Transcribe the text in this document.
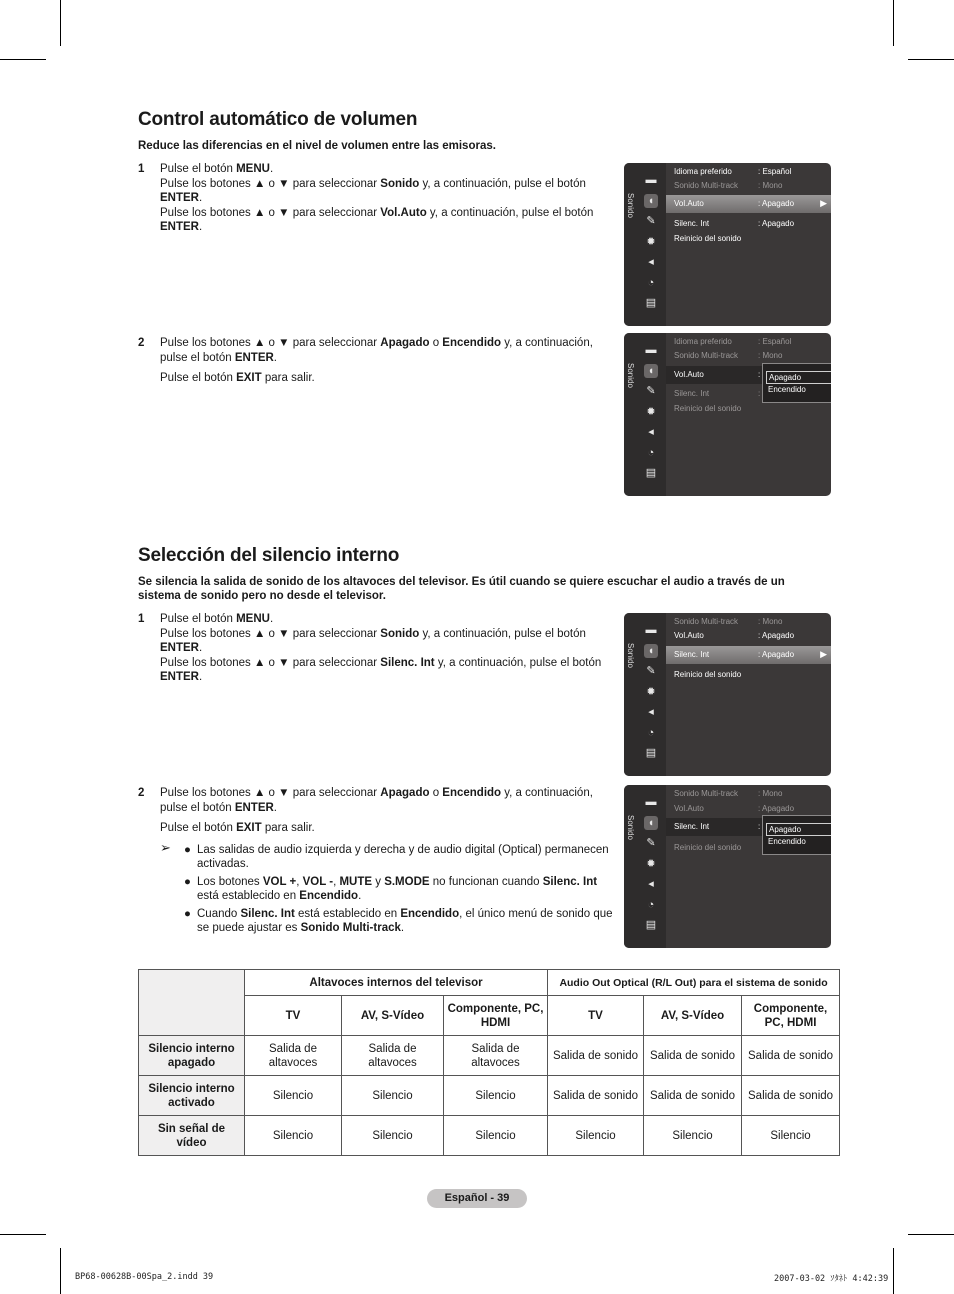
Control automático de volumen
Reduce las diferencias en el nivel de volumen entre las emisoras.
1 Pulse el botón MENU.

Pulse los botones ▲ o ▼ para seleccionar Sonido y, a continuación, pulse el botón ENTER.

Pulse los botones ▲ o ▼ para seleccionar Vol.Auto y, a continuación, pulse el botón ENTER.

2 Pulse los botones ▲ o ▼ para seleccionar Apagado o Encendido y, a continuación, pulse el botón ENTER.

Pulse el botón EXIT para salir.

Sonido
▬
◖
✎
✹
◂
◔
▤
Idioma preferido	: Español
Sonido Multi-track : Mono
Vol.Auto	: Apagado	▶
Silenc. Int	: Apagado
Reinicio del sonido
Sonido
▬
◖
✎
✹
◂
◔
▤
Idioma preferido	: Español
Sonido Multi-track : Mono
Vol.Auto	:
Silenc. Int	:
Reinicio del sonido
Apagado
Encendido
Selección del silencio interno
Se silencia la salida de sonido de los altavoces del televisor. Es útil cuando se quiere escuchar el audio a través de un sistema de sonido pero no desde el televisor.
1 Pulse el botón MENU.

Pulse los botones ▲ o ▼ para seleccionar Sonido y, a continuación, pulse el botón ENTER.

Pulse los botones ▲ o ▼ para seleccionar Silenc. Int y, a continuación, pulse el botón ENTER.

2 Pulse los botones ▲ o ▼ para seleccionar Apagado o Encendido y, a continuación, pulse el botón ENTER.

Pulse el botón EXIT para salir.

➢ ● Las salidas de audio izquierda y derecha y de audio digital (Optical) permanecen activadas.
● Los botones VOL +, VOL -, MUTE y S.MODE no funcionan cuando Silenc. Int está establecido en Encendido.
● Cuando Silenc. Int está establecido en Encendido, el único menú de sonido que se puede ajustar es Sonido Multi-track.
Sonido
▬
◖
✎
✹
◂
◔
▤
Sonido Multi-track : Mono
Vol.Auto	: Apagado
Silenc. Int	: Apagado	▶
Reinicio del sonido
Sonido
▬
◖
✎
✹
◂
◔
▤
Sonido Multi-track : Mono
Vol.Auto	: Apagado
Silenc. Int	:
Reinicio del sonido
Apagado
Encendido
	Altavoces internos del televisor			Audio Out Optical (R/L Out) para el sistema de sonido		
	TV	AV, S-Vídeo	Componente, PC, HDMI	TV	AV, S-Vídeo	Componente, PC, HDMI
Silencio interno apagado	Salida de altavoces	Salida de altavoces	Salida de altavoces	Salida de sonido	Salida de sonido	Salida de sonido
Silencio interno activado	Silencio	Silencio	Silencio	Salida de sonido	Salida de sonido	Salida de sonido
Sin señal de vídeo	Silencio	Silencio	Silencio	Silencio	Silencio	Silencio
Español - 39
BP68-00628B-00Spa_2.indd 39	2007-03-02 ｿﾀﾈﾄ 4:42:39
